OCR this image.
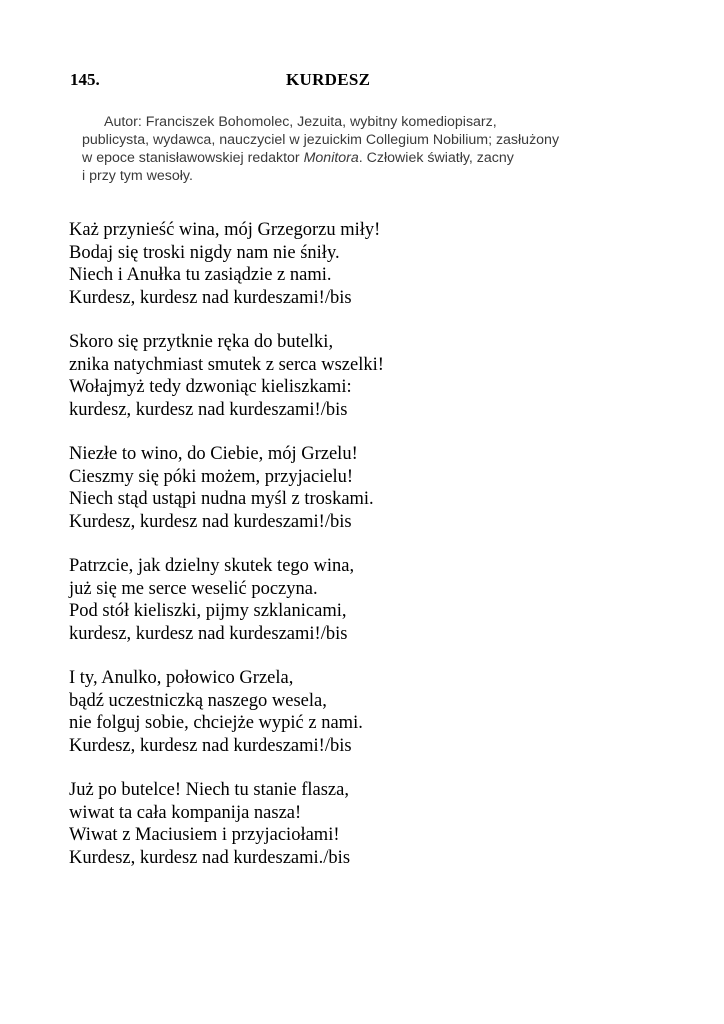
145.	KURDESZ
Autor: Franciszek Bohomolec, Jezuita, wybitny komediopisarz,
publicysta, wydawca, nauczyciel w jezuickim Collegium Nobilium; zasłużony
w epoce stanisławowskiej redaktor Monitora. Człowiek światły, zacny
i przy tym wesoły.
Każ przynieść wina, mój Grzegorzu miły!
Bodaj się troski nigdy nam nie śniły.
Niech i Anułka tu zasiądzie z nami.
Kurdesz, kurdesz nad kurdeszami!/bis
Skoro się przytknie ręka do butelki,
znika natychmiast smutek z serca wszelki!
Wołajmyż tedy dzwoniąc kieliszkami:
kurdesz, kurdesz nad kurdeszami!/bis
Niezłe to wino, do Ciebie, mój Grzelu!
Cieszmy się póki możem, przyjacielu!
Niech stąd ustąpi nudna myśl z troskami.
Kurdesz, kurdesz nad kurdeszami!/bis
Patrzcie, jak dzielny skutek tego wina,
już się me serce weselić poczyna.
Pod stół kieliszki, pijmy szklanicami,
kurdesz, kurdesz nad kurdeszami!/bis
I ty, Anulko, połowico Grzela,
bądź uczestniczką naszego wesela,
nie folguj sobie, chciejże wypić z nami.
Kurdesz, kurdesz nad kurdeszami!/bis
Już po butelce! Niech tu stanie flasza,
wiwat ta cała kompanija nasza!
Wiwat z Maciusiem i przyjaciołami!
Kurdesz, kurdesz nad kurdeszami./bis
